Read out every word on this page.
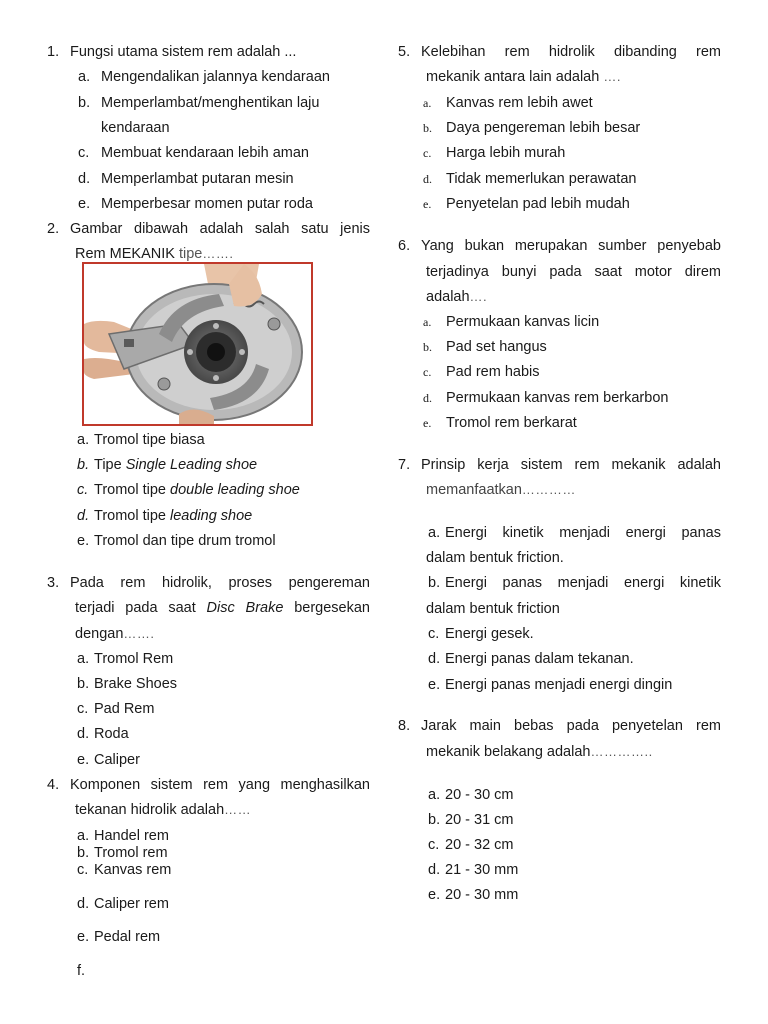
1. Fungsi utama sistem rem adalah ...
a. Mengendalikan jalannya kendaraan
b. Memperlambat/menghentikan laju
kendaraan
c. Membuat kendaraan lebih aman
d. Memperlambat putaran mesin
e. Memperbesar momen putar roda
2. Gambar dibawah adalah salah satu jenis
Rem MEKANIK tipe…….
a. Tromol tipe biasa
b. Tipe Single Leading shoe
c. Tromol tipe double leading shoe
d. Tromol tipe leading shoe
e. Tromol dan tipe drum tromol
3. Pada rem hidrolik, proses pengereman
terjadi pada saat Disc Brake bergesekan
dengan…….
a. Tromol Rem
b. Brake Shoes
c. Pad Rem
d. Roda
e. Caliper
4. Komponen sistem rem yang menghasilkan
tekanan hidrolik adalah……
a. Handel rem
b. Tromol rem
c. Kanvas rem
d. Caliper rem
e. Pedal rem
f.
5. Kelebihan rem hidrolik dibanding rem
mekanik antara lain adalah ….
a. Kanvas rem lebih awet
b. Daya pengereman lebih besar
c. Harga lebih murah
d. Tidak memerlukan perawatan
e. Penyetelan pad lebih mudah
6. Yang bukan merupakan sumber penyebab
terjadinya bunyi pada saat motor direm
adalah….
a. Permukaan kanvas licin
b. Pad set hangus
c. Pad rem habis
d. Permukaan kanvas rem berkarbon
e. Tromol rem berkarat
7. Prinsip kerja sistem rem mekanik adalah
memanfaatkan…………
a. Energi kinetik menjadi energi panas
dalam bentuk friction.
b. Energi panas menjadi energi kinetik
dalam bentuk friction
c. Energi gesek.
d. Energi panas dalam tekanan.
e. Energi panas menjadi energi dingin
8. Jarak main bebas pada penyetelan rem
mekanik belakang adalah…………..
a. 20 - 30 cm
b. 20 - 31 cm
c. 20 - 32 cm
d. 21 - 30 mm
e. 20 - 30 mm
